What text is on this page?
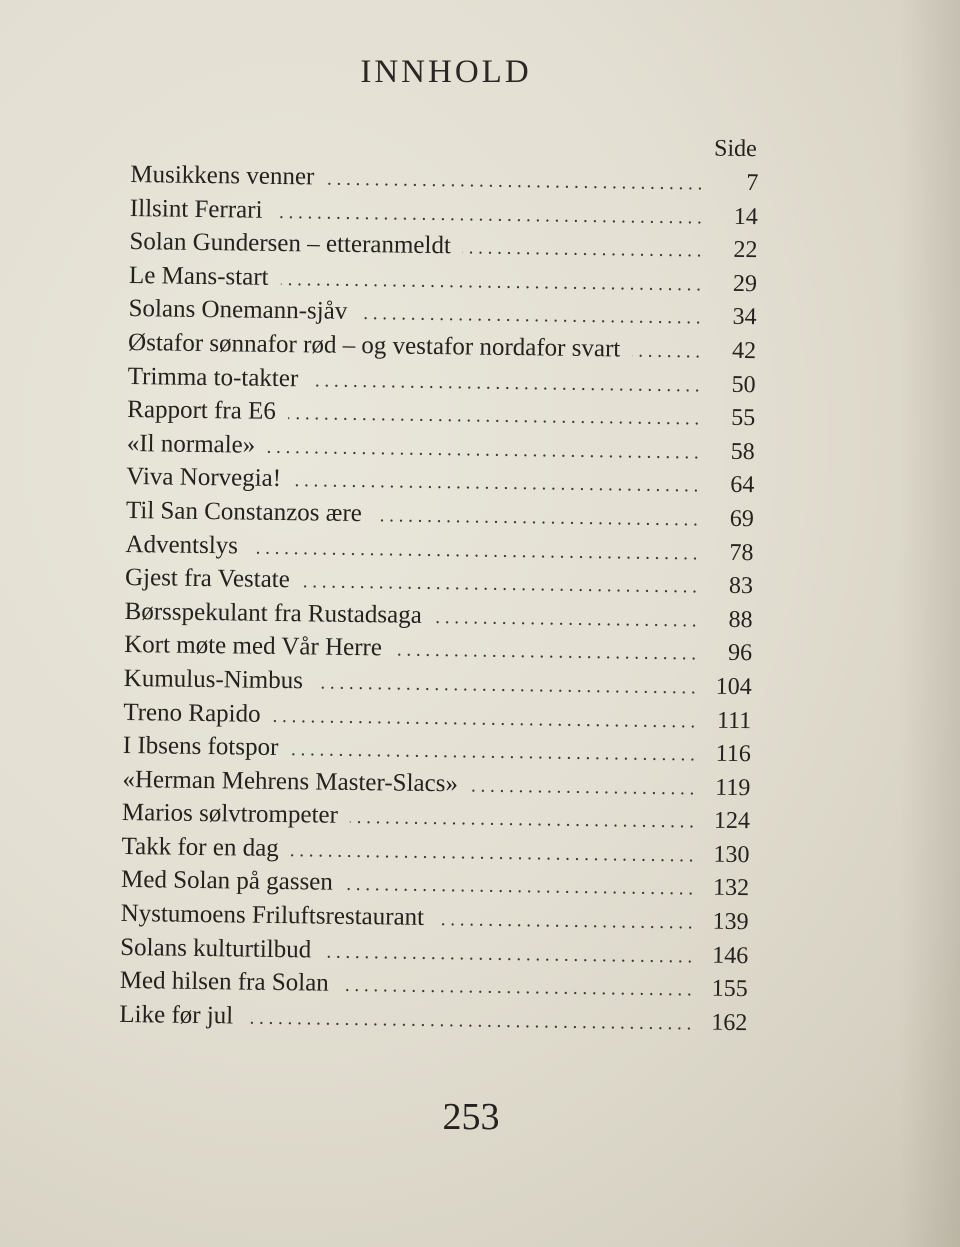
INNHOLD
Side
Musikkens venner . . .	7
Illsint Ferrari . . .	14
Solan Gundersen – etteranmeldt . . .	22
Le Mans-start . . .	29
Solans Onemann-sjåv . . .	34
Østafor sønnafor rød – og vestafor nordafor svart . . .	42
Trimma to-takter . . .	50
Rapport fra E6 . . .	55
«Il normale» . . .	58
Viva Norvegia! . . .	64
Til San Constanzos ære . . .	69
Adventslys . . .	78
Gjest fra Vestate . . .	83
Børsspekulant fra Rustadsaga . . .	88
Kort møte med Vår Herre . . .	96
Kumulus-Nimbus . . .	104
Treno Rapido . . .	111
I Ibsens fotspor . . .	116
«Herman Mehrens Master-Slacs» . . .	119
Marios sølvtrompeter . . .	124
Takk for en dag . . .	130
Med Solan på gassen . . .	132
Nystumoens Friluftsrestaurant . . .	139
Solans kulturtilbud . . .	146
Med hilsen fra Solan . . .	155
Like før jul . . .	162
253
